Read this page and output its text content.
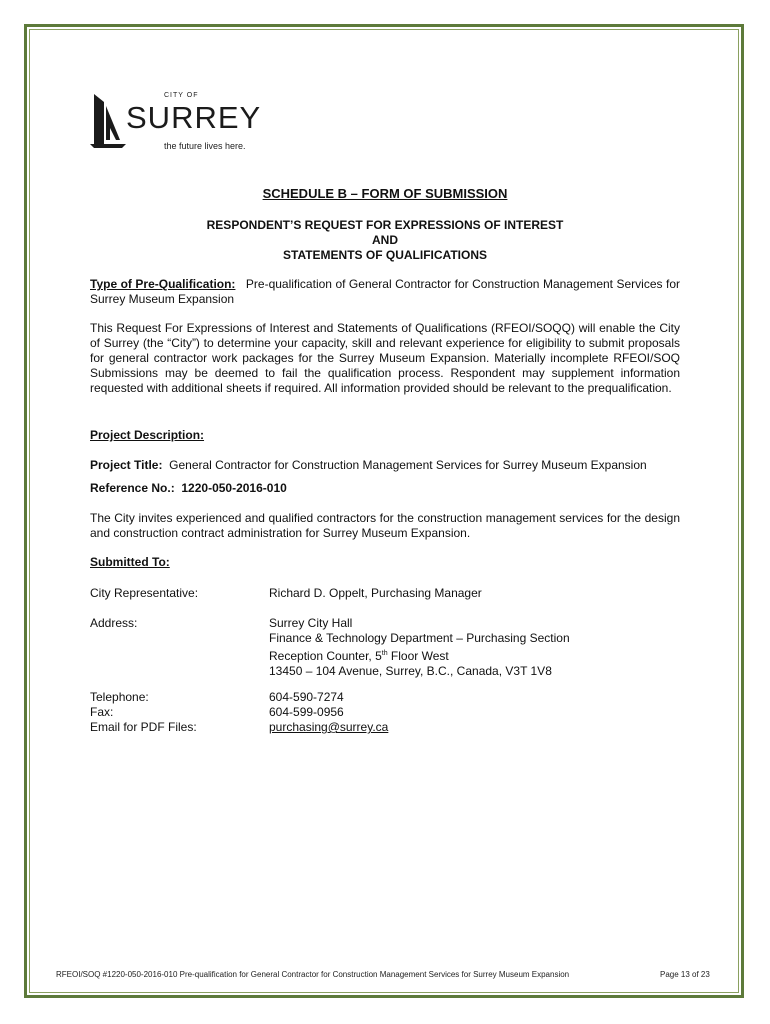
CITY OF
SURREY
the future lives here.
SCHEDULE B – FORM OF SUBMISSION
RESPONDENT’S REQUEST FOR EXPRESSIONS OF INTEREST
AND
STATEMENTS OF QUALIFICATIONS
Type of Pre-Qualification: Pre-qualification of General Contractor for Construction Management Services for Surrey Museum Expansion
This Request For Expressions of Interest and Statements of Qualifications (RFEOI/SOQQ) will enable the City of Surrey (the “City”) to determine your capacity, skill and relevant experience for eligibility to submit proposals for general contractor work packages for the Surrey Museum Expansion. Materially incomplete RFEOI/SOQ Submissions may be deemed to fail the qualification process. Respondent may supplement information requested with additional sheets if required. All information provided should be relevant to the prequalification.
Project Description:
Project Title: General Contractor for Construction Management Services for Surrey Museum Expansion
Reference No.: 1220-050-2016-010
The City invites experienced and qualified contractors for the construction management services for the design and construction contract administration for Surrey Museum Expansion.
Submitted To:
City Representative:	Richard D. Oppelt, Purchasing Manager
Address:	Surrey City Hall
Finance & Technology Department – Purchasing Section
Reception Counter, 5th Floor West
13450 – 104 Avenue, Surrey, B.C., Canada, V3T 1V8
Telephone:	604-590-7274
Fax:	604-599-0956
Email for PDF Files:	purchasing@surrey.ca
RFEOI/SOQ #1220-050-2016-010 Pre-qualification for General Contractor for Construction Management Services for Surrey Museum Expansion	Page 13 of 23
